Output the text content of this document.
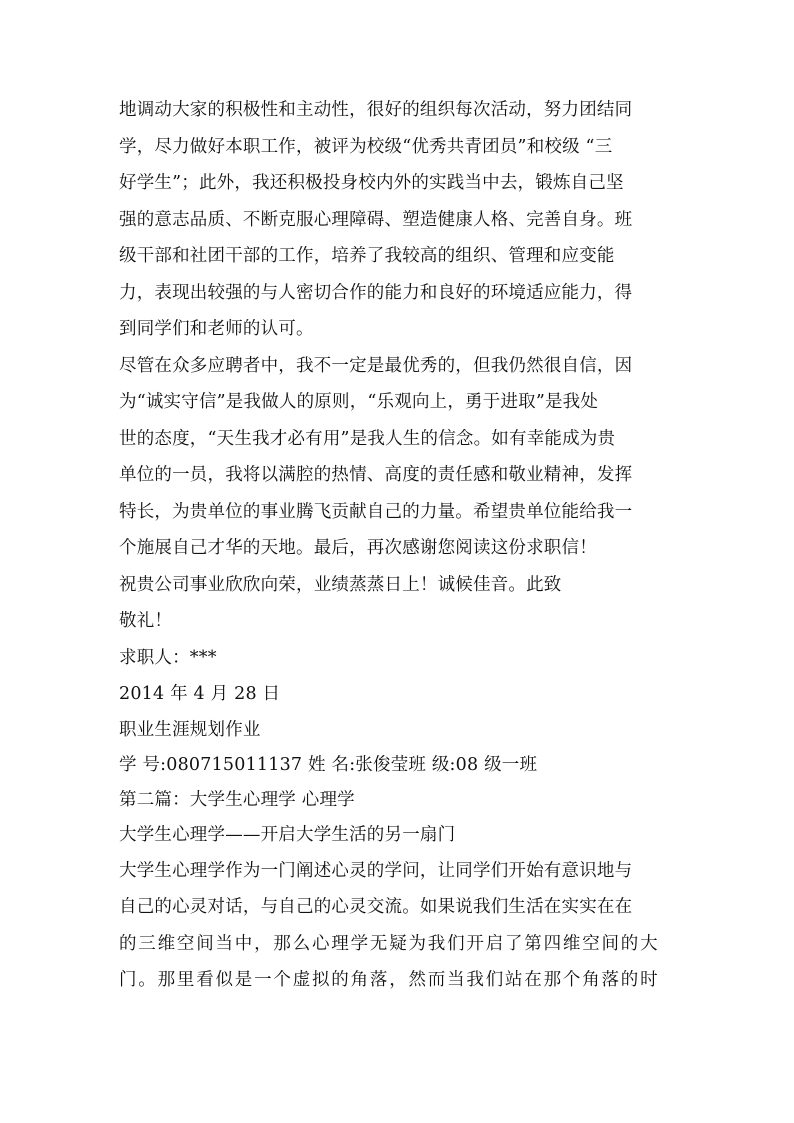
地调动大家的积极性和主动性，很好的组织每次活动，努力团结同
学，尽力做好本职工作，被评为校级“优秀共青团员”和校级 “三
好学生”；此外，我还积极投身校内外的实践当中去，锻炼自己坚
强的意志品质、不断克服心理障碍、塑造健康人格、完善自身。班
级干部和社团干部的工作，培养了我较高的组织、管理和应变能
力，表现出较强的与人密切合作的能力和良好的环境适应能力，得
到同学们和老师的认可。
尽管在众多应聘者中，我不一定是最优秀的，但我仍然很自信，因
为“诚实守信”是我做人的原则，“乐观向上，勇于进取”是我处
世的态度，“天生我才必有用”是我人生的信念。如有幸能成为贵
单位的一员，我将以满腔的热情、高度的责任感和敬业精神，发挥
特长，为贵单位的事业腾飞贡献自己的力量。希望贵单位能给我一
个施展自己才华的天地。最后，再次感谢您阅读这份求职信！
祝贵公司事业欣欣向荣，业绩蒸蒸日上！诚候佳音。此致
敬礼！
求职人：***
2014 年 4 月 28 日
职业生涯规划作业
学 号:080715011137 姓 名:张俊莹班 级:08 级一班
第二篇：大学生心理学 心理学
大学生心理学——开启大学生活的另一扇门
大学生心理学作为一门阐述心灵的学问，让同学们开始有意识地与
自己的心灵对话，与自己的心灵交流。如果说我们生活在实实在在
的三维空间当中，那么心理学无疑为我们开启了第四维空间的大
门。那里看似是一个虚拟的角落，然而当我们站在那个角落的时
